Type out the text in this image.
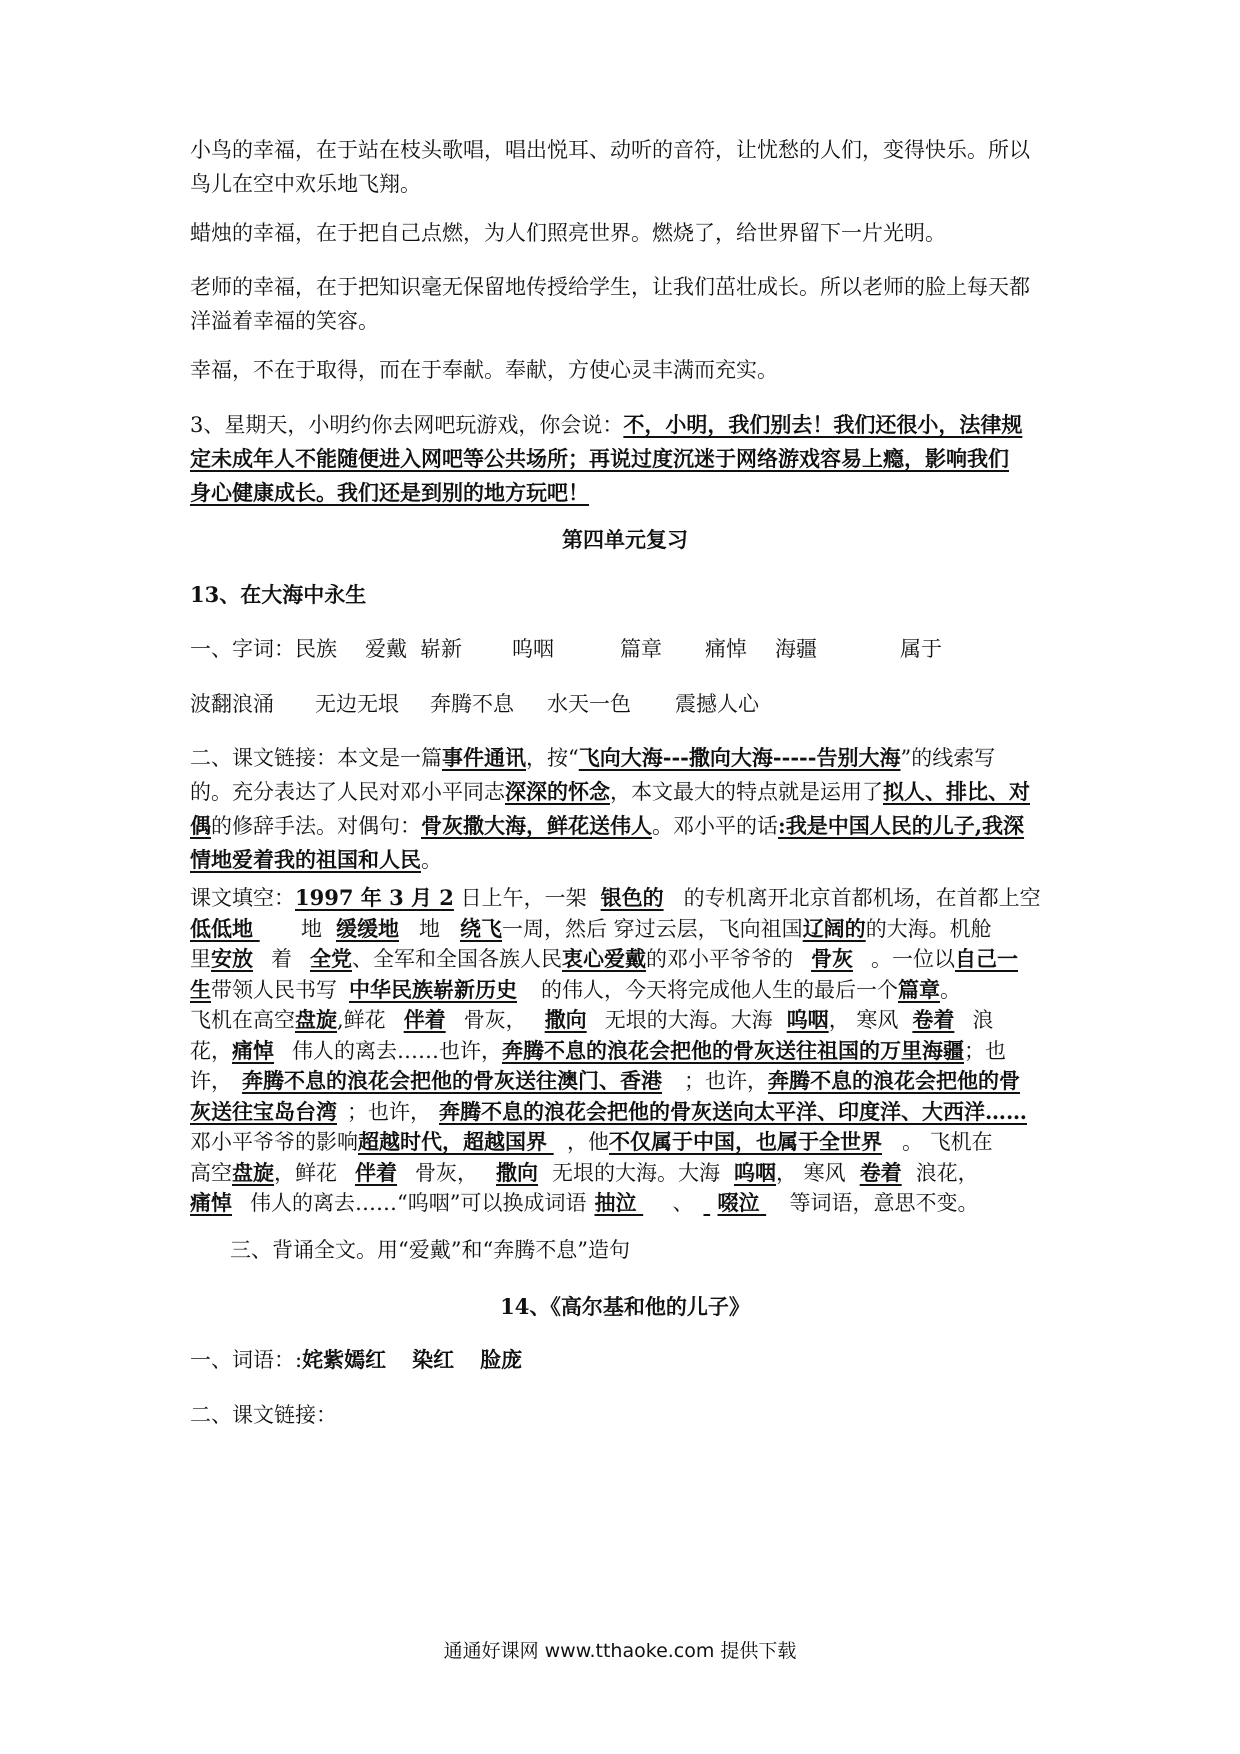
小鸟的幸福，在于站在枝头歌唱，唱出悦耳、动听的音符，让忧愁的人们，变得快乐。所以
鸟儿在空中欢乐地飞翔。
蜡烛的幸福，在于把自己点燃，为人们照亮世界。燃烧了，给世界留下一片光明。
老师的幸福，在于把知识毫无保留地传授给学生，让我们茁壮成长。所以老师的脸上每天都
洋溢着幸福的笑容。
幸福，不在于取得，而在于奉献。奉献，方使心灵丰满而充实。
3、星期天，小明约你去网吧玩游戏，你会说：不，小明，我们别去！我们还很小，法律规
定未成年人不能随便进入网吧等公共场所；再说过度沉迷于网络游戏容易上瘾，影响我们
身心健康成长。我们还是到别的地方玩吧！
第四单元复习
13、在大海中永生
一、字词： 民族 爱戴 崭新 呜咽	篇章 痛悼 海疆	属于
波翻浪涌 无边无垠 奔腾不息 水天一色 震撼人心
二、课文链接：本文是一篇事件通讯，按“飞向大海---撒向大海-----告别大海”的线索写
的。充分表达了人民对邓小平同志深深的怀念，本文最大的特点就是运用了拟人、排比、对
偶的修辞手法。对偶句：骨灰撒大海，鲜花送伟人。邓小平的话:我是中国人民的儿子,我深
情地爱着我的祖国和人民。
课文填空：1997 年 3 月 2 日上午，一架 银色的 的专机离开北京首都机场，在首都上空
低低地 地 缓缓地 地 绕飞一周，然后 穿过云层，飞向祖国辽阔的的大海。机舱
里安放 着 全党、全军和全国各族人民衷心爱戴的邓小平爷爷的 骨灰 。一位以自己一
生带领人民书写 中华民族崭新历史 的伟人，今天将完成他人生的最后一个篇章。
飞机在高空盘旋,鲜花 伴着 骨灰， 撒向 无垠的大海。大海 呜咽， 寒风 卷着 浪
花，痛悼 伟人的离去……也许，奔腾不息的浪花会把他的骨灰送往祖国的万里海疆；也
许， 奔腾不息的浪花会把他的骨灰送往澳门、香港 ；也许，奔腾不息的浪花会把他的骨
灰送往宝岛台湾 ；也许， 奔腾不息的浪花会把他的骨灰送向太平洋、印度洋、大西洋……
邓小平爷爷的影响超越时代，超越国界 ，他不仅属于中国，也属于全世界 。 飞机在
高空盘旋，鲜花 伴着 骨灰， 撒向 无垠的大海。大海 呜咽， 寒风 卷着 浪花，
痛悼 伟人的离去……“呜咽”可以换成词语 抽泣 、 啜泣 等词语，意思不变。
三、背诵全文。用“爱戴”和“奔腾不息”造句
14、《高尔基和他的儿子》
一、词语：:姹紫嫣红 染红 脸庞
二、课文链接：
通通好课网 www.tthaoke.com 提供下载
